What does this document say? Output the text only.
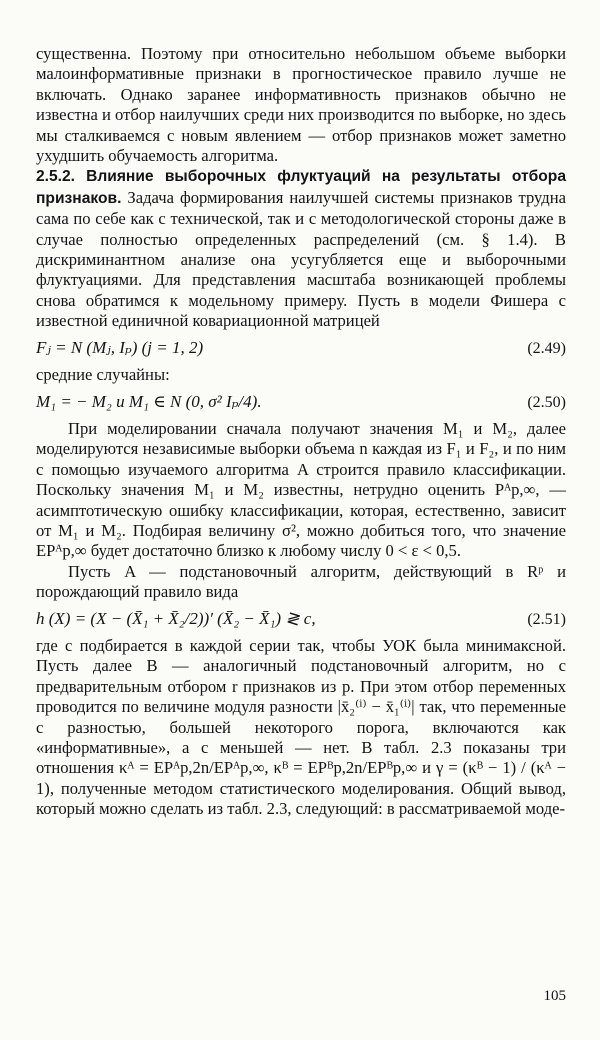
существенна. Поэтому при относительно небольшом объеме выборки малоинформативные признаки в прогностическое правило лучше не включать. Однако заранее информативность признаков обычно не известна и отбор наилучших среди них производится по выборке, но здесь мы сталкиваемся с новым явлением — отбор признаков может заметно ухудшить обучаемость алгоритма.

2.5.2. Влияние выборочных флуктуаций на результаты отбора признаков. Задача формирования наилучшей системы признаков трудна сама по себе как с технической, так и с методологической стороны даже в случае полностью определенных распределений (см. § 1.4). В дискриминантном анализе она усугубляется еще и выборочными флуктуациями. Для представления масштаба возникающей проблемы снова обратимся к модельному примеру. Пусть в модели Фишера с известной единичной ковариационной матрицей

Fⱼ = N (Mⱼ, Iₚ) (j = 1, 2)	(2.49)

средние случайны:

M₁ = − M₂ и M₁ ∈ N (0, σ² Iₚ/4).	(2.50)

При моделировании сначала получают значения M₁ и M₂, далее моделируются независимые выборки объема n каждая из F₁ и F₂, и по ним с помощью изучаемого алгоритма A строится правило классификации. Поскольку значения M₁ и M₂ известны, нетрудно оценить Pᴬp,∞, — асимптотическую ошибку классификации, которая, естественно, зависит от M₁ и M₂. Подбирая величину σ², можно добиться того, что значение EPᴬp,∞ будет достаточно близко к любому числу 0 < ε < 0,5.

Пусть A — подстановочный алгоритм, действующий в Rᵖ и порождающий правило вида

h (X) = (X − (X̄₁ + X̄₂/2))′ (X̄₂ − X̄₁) ≷ c,	(2.51)

где c подбирается в каждой серии так, чтобы УОК была минимаксной. Пусть далее B — аналогичный подстановочный алгоритм, но с предварительным отбором r признаков из p. При этом отбор переменных проводится по величине модуля разности |x̄₂⁽ⁱ⁾ − x̄₁⁽ⁱ⁾| так, что переменные с разностью, большей некоторого порога, включаются как «информативные», а с меньшей — нет. В табл. 2.3 показаны три отношения κᴬ = EPᴬp,2n/EPᴬp,∞, κᴮ = EPᴮp,2n/EPᴮp,∞ и γ = (κᴮ − 1) / (κᴬ − 1), полученные методом статистического моделирования. Общий вывод, который можно сделать из табл. 2.3, следующий: в рассматриваемой моде-

105
